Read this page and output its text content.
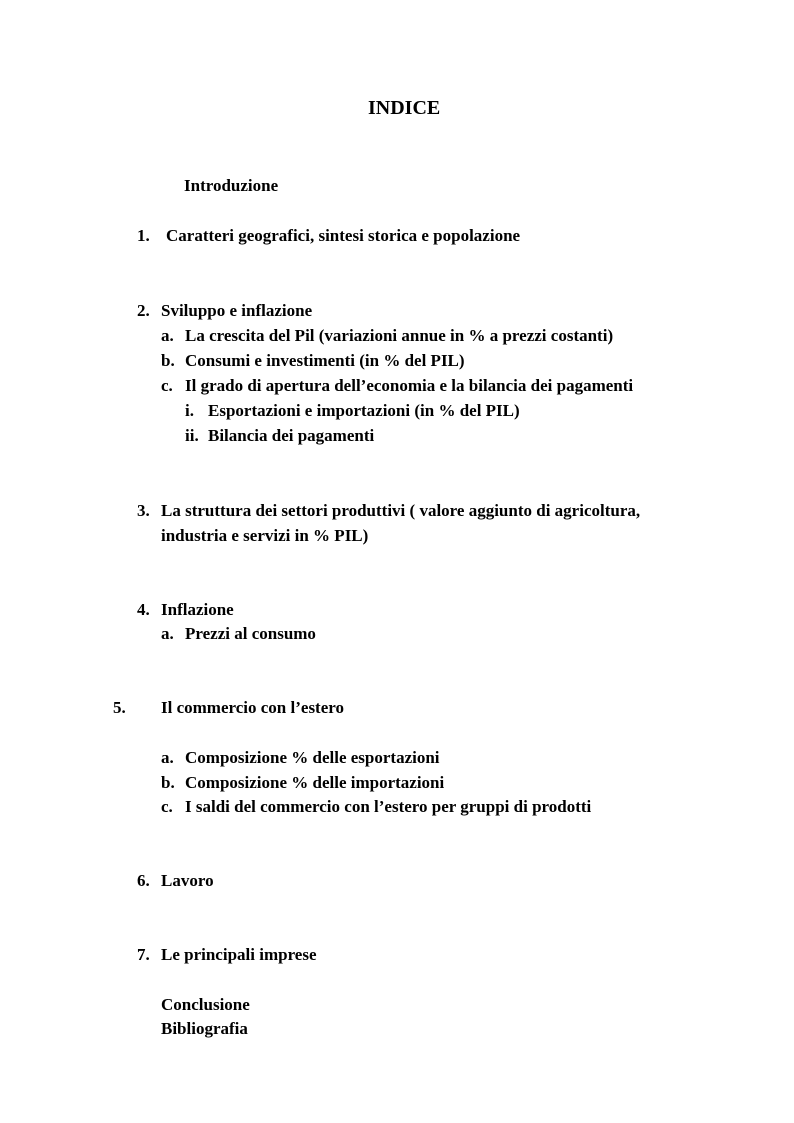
INDICE
Introduzione
1. Caratteri geografici, sintesi storica e popolazione
2. Sviluppo e inflazione
a. La crescita del Pil (variazioni annue in % a prezzi costanti)
b. Consumi e investimenti (in % del PIL)
c. Il grado di apertura dell’economia e la bilancia dei pagamenti
i. Esportazioni e importazioni (in % del PIL)
ii. Bilancia dei pagamenti
3. La struttura dei settori produttivi ( valore aggiunto di agricoltura,
industria e servizi in % PIL)
4. Inflazione
a. Prezzi al consumo
5. Il commercio con l’estero
a. Composizione % delle esportazioni
b. Composizione % delle importazioni
c. I saldi del commercio con l’estero per gruppi di prodotti
6. Lavoro
7. Le principali imprese
Conclusione
Bibliografia
